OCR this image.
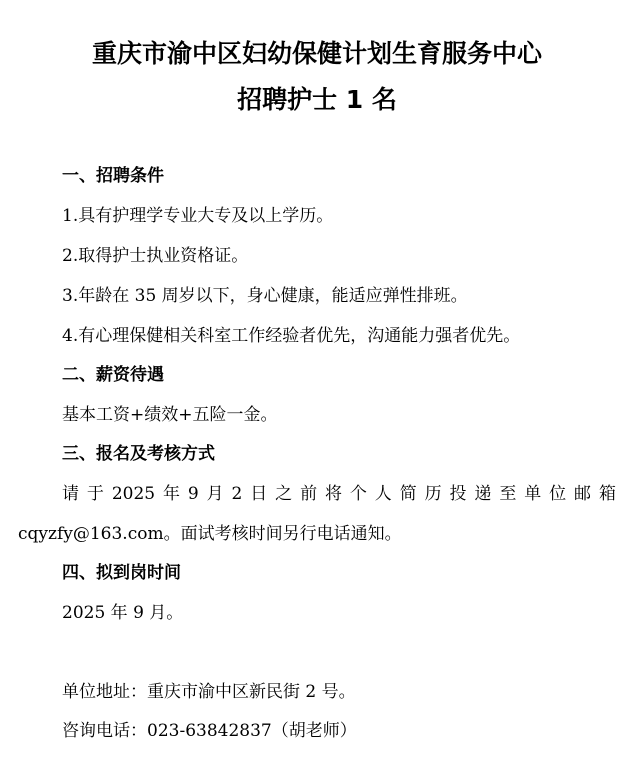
重庆市渝中区妇幼保健计划生育服务中心
招聘护士 1 名
一、招聘条件
1.具有护理学专业大专及以上学历。
2.取得护士执业资格证。
3.年龄在 35 周岁以下，身心健康，能适应弹性排班。
4.有心理保健相关科室工作经验者优先，沟通能力强者优先。
二、薪资待遇
基本工资+绩效+五险一金。
三、报名及考核方式
请 于 2025 年 9 月 2 日 之 前 将 个 人 简 历 投 递 至 单 位 邮 箱
cqyzfy@163.com。面试考核时间另行电话通知。
四、拟到岗时间
2025 年 9 月。
单位地址：重庆市渝中区新民街 2 号。
咨询电话：023-63842837（胡老师）
